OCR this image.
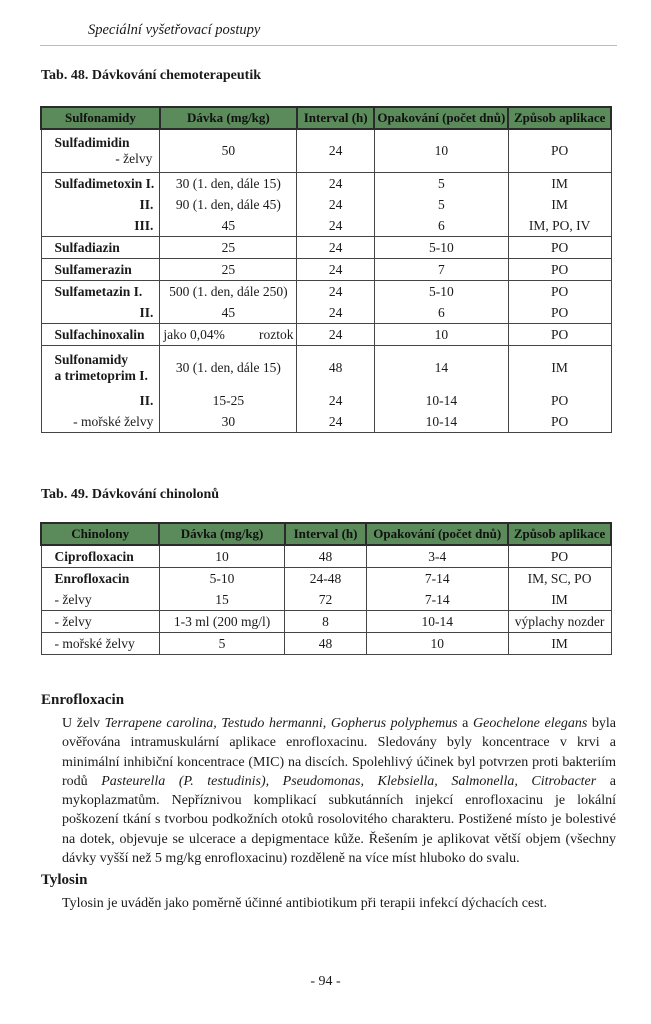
Speciální vyšetřovací postupy
Tab. 48. Dávkování chemoterapeutik
Sulfonamidy	Dávka (mg/kg)	Interval (h)	Opakování (počet dnů)	Způsob aplikace
Sulfadimidin

- želvy	50	24	10	PO
Sulfadimetoxin I.	30 (1. den, dále 15)	24	5	IM
II.	90 (1. den, dále 45)	24	5	IM
III.	45	24	6	IM, PO, IV
Sulfadiazin	25	24	5-10	PO
Sulfamerazin	25	24	7	PO
Sulfametazin I.	500 (1. den, dále 250)	24	5-10	PO
II.	45	24	6	PO
Sulfachinoxalin	jako 0,04% roztok	24	10	PO
Sulfonamidy
a trimetoprim I.	30 (1. den, dále 15)	48	14	IM
II.	15-25	24	10-14	PO
- mořské želvy	30	24	10-14	PO
Tab. 49. Dávkování chinolonů
Chinolony	Dávka (mg/kg)	Interval (h)	Opakování (počet dnů)	Způsob aplikace
Ciprofloxacin	10	48	3-4	PO
Enrofloxacin	5-10	24-48	7-14	IM, SC, PO
- želvy	15	72	7-14	IM
- želvy	1-3 ml (200 mg/l)	8	10-14	výplachy nozder
- mořské želvy	5	48	10	IM
Enrofloxacin
U želv Terrapene carolina, Testudo hermanni, Gopherus polyphemus a Geochelone elegans byla ověřována intramuskulární aplikace enrofloxacinu. Sledovány byly koncentrace v krvi a minimální inhibiční koncentrace (MIC) na discích. Spolehlivý účinek byl potvrzen proti bakteriím rodů Pasteurella (P. testudinis), Pseudomonas, Klebsiella, Salmonella, Citrobacter a mykoplazmatům. Nepříznivou komplikací subkutánních injekcí enrofloxacinu je lokální poškození tkání s tvorbou podkožních otoků rosolovitého charakteru. Postižené místo je bolestivé na dotek, objevuje se ulcerace a depigmentace kůže. Řešením je aplikovat větší objem (všechny dávky vyšší než 5 mg/kg enrofloxacinu) rozděleně na více míst hluboko do svalu.
Tylosin
Tylosin je uváděn jako poměrně účinné antibiotikum při terapii infekcí dýchacích cest.
- 94 -
